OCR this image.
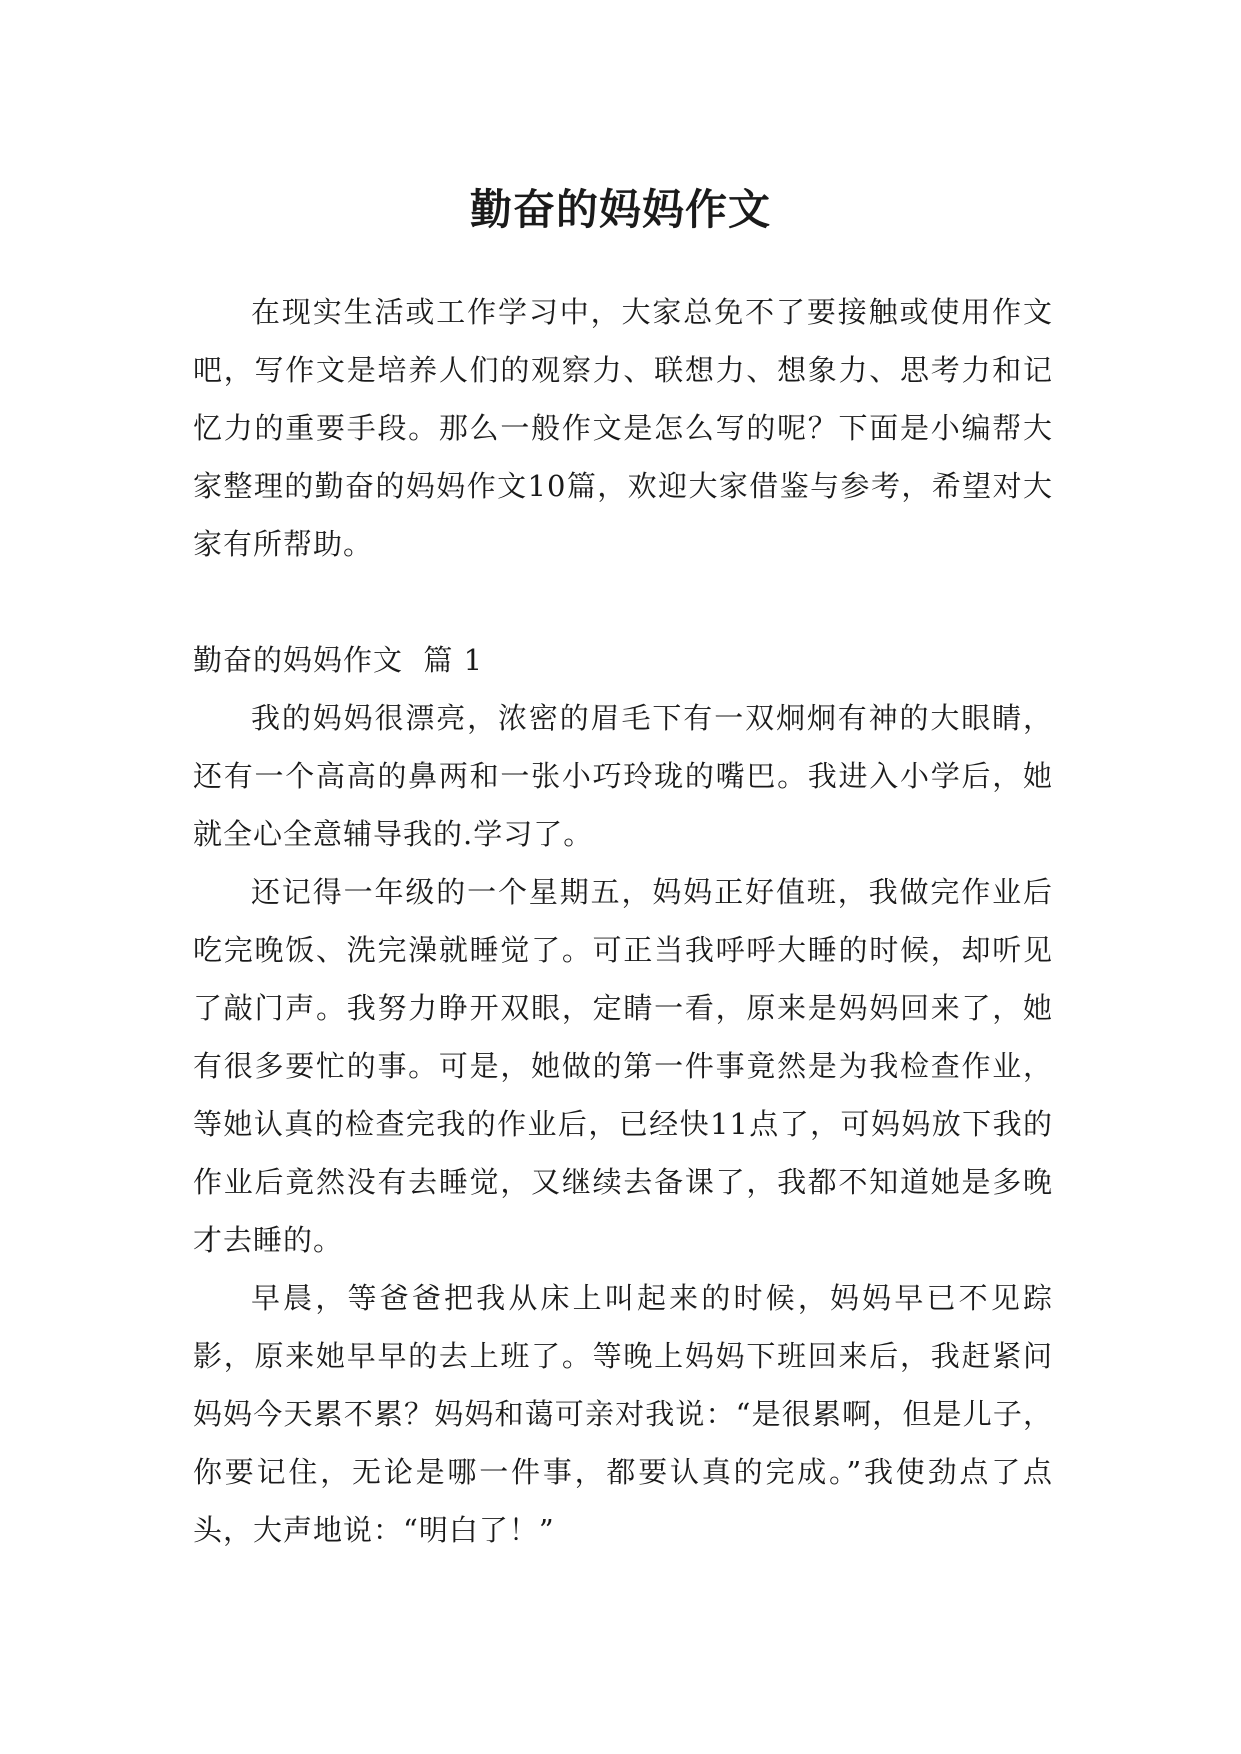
勤奋的妈妈作文

在现实生活或工作学习中，大家总免不了要接触或使用作文吧，写作文是培养人们的观察力、联想力、想象力、思考力和记忆力的重要手段。那么一般作文是怎么写的呢？下面是小编帮大家整理的勤奋的妈妈作文10篇，欢迎大家借鉴与参考，希望对大家有所帮助。

勤奋的妈妈作文  篇 1

我的妈妈很漂亮，浓密的眉毛下有一双炯炯有神的大眼睛，还有一个高高的鼻两和一张小巧玲珑的嘴巴。我进入小学后，她就全心全意辅导我的.学习了。

还记得一年级的一个星期五，妈妈正好值班，我做完作业后吃完晚饭、洗完澡就睡觉了。可正当我呼呼大睡的时候，却听见了敲门声。我努力睁开双眼，定睛一看，原来是妈妈回来了，她有很多要忙的事。可是，她做的第一件事竟然是为我检查作业，等她认真的检查完我的作业后，已经快11点了，可妈妈放下我的作业后竟然没有去睡觉，又继续去备课了，我都不知道她是多晚才去睡的。

早晨，等爸爸把我从床上叫起来的时候，妈妈早已不见踪影，原来她早早的去上班了。等晚上妈妈下班回来后，我赶紧问妈妈今天累不累？妈妈和蔼可亲对我说：“是很累啊，但是儿子，你要记住，无论是哪一件事，都要认真的完成。”我使劲点了点头，大声地说：“明白了！”
